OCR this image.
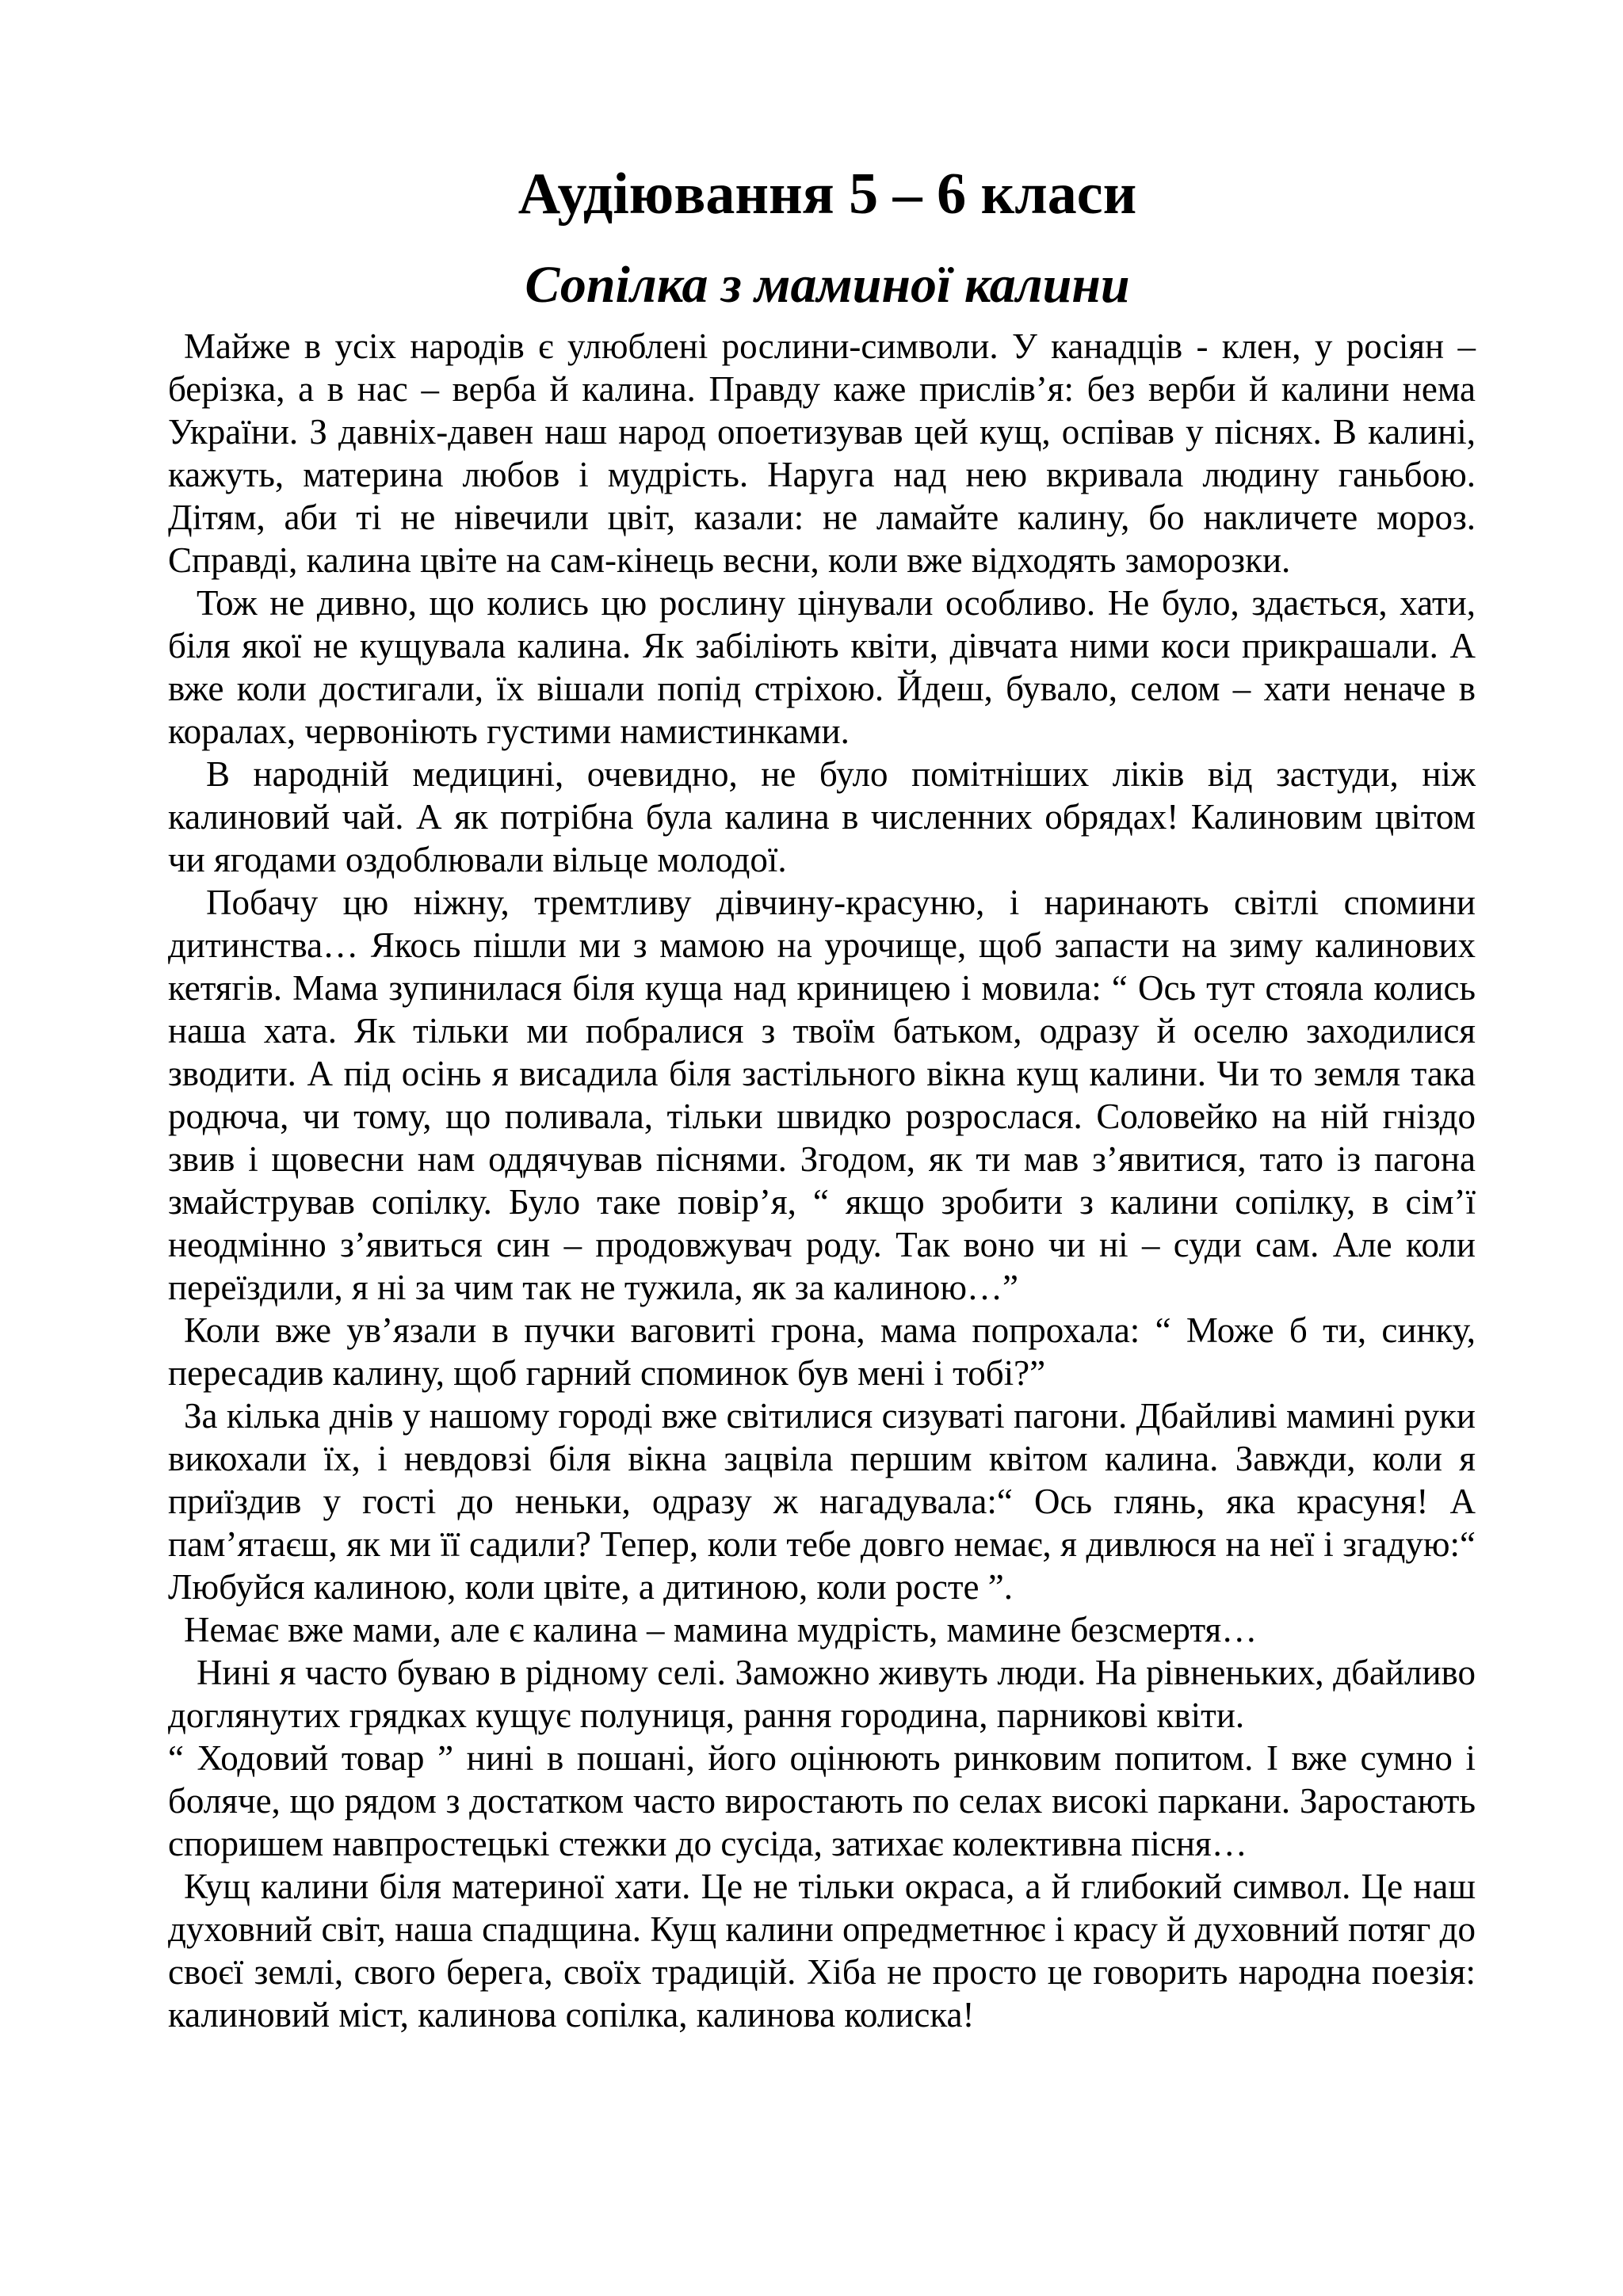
Аудіювання 5 – 6 класи
Сопілка з маминої калини

Майже в усіх народів є улюблені рослини-символи. У канадців - клен, у росіян – берізка, а в нас – верба й калина. Правду каже прислів’я: без верби й калини нема України. З давніх-давен наш народ опоетизував цей кущ, оспівав у піснях. В калині, кажуть, материна любов і мудрість. Наруга над нею вкривала людину ганьбою. Дітям, аби ті не нівечили цвіт, казали: не ламайте калину, бо накличете мороз. Справді, калина цвіте на сам-кінець весни, коли вже відходять заморозки.

Тож не дивно, що колись цю рослину цінували особливо. Не було, здається, хати, біля якої не кущувала калина. Як забіліють квіти, дівчата ними коси прикрашали. А вже коли достигали, їх вішали попід стріхою. Йдеш, бувало, селом – хати неначе в коралах, червоніють густими намистинками.

В народній медицині, очевидно, не було помітніших ліків від застуди, ніж калиновий чай. А як потрібна була калина в численних обрядах! Калиновим цвітом чи ягодами оздоблювали вільце молодої.

Побачу цю ніжну, тремтливу дівчину-красуню, і наринають світлі спомини дитинства… Якось пішли ми з мамою на урочище, щоб запасти на зиму калинових кетягів. Мама зупинилася біля куща над криницею і мовила: “ Ось тут стояла колись наша хата. Як тільки ми побралися з твоїм батьком, одразу й оселю заходилися зводити. А під осінь я висадила біля застільного вікна кущ калини. Чи то земля така родюча, чи тому, що поливала, тільки швидко розрослася. Соловейко на ній гніздо звив і щовесни нам оддячував піснями. Згодом, як ти мав з’явитися, тато із пагона змайстрував сопілку. Було таке повір’я, “ якщо зробити з калини сопілку, в сім’ї неодмінно з’явиться син – продовжувач роду. Так воно чи ні – суди сам. Але коли переїздили, я ні за чим так не тужила, як за калиною…”

Коли вже ув’язали в пучки ваговиті грона, мама попрохала: “ Може б ти, синку, пересадив калину, щоб гарний споминок був мені і тобі?”

За кілька днів у нашому городі вже світилися сизуваті пагони. Дбайливі мамині руки викохали їх, і невдовзі біля вікна зацвіла першим квітом калина. Завжди, коли я приїздив у гості до неньки, одразу ж нагадувала:“ Ось глянь, яка красуня! А пам’ятаєш, як ми її садили? Тепер, коли тебе довго немає, я дивлюся на неї і згадую:“ Любуйся калиною, коли цвіте, а дитиною, коли росте ”.

Немає вже мами, але є калина – мамина мудрість, мамине безсмертя…

Нині я часто буваю в рідному селі. Заможно живуть люди. На рівненьких, дбайливо доглянутих грядках кущує полуниця, рання городина, парникові квіти.

“ Ходовий товар ” нині в пошані, його оцінюють ринковим попитом. І вже сумно і боляче, що рядом з достатком часто виростають по селах високі паркани. Заростають споришем навпростецькі стежки до сусіда, затихає колективна пісня…

Кущ калини біля материної хати. Це не тільки окраса, а й глибокий символ. Це наш духовний світ, наша спадщина. Кущ калини опредметнює і красу й духовний потяг до своєї землі, свого берега, своїх традицій. Хіба не просто це говорить народна поезія: калиновий міст, калинова сопілка, калинова колиска!
